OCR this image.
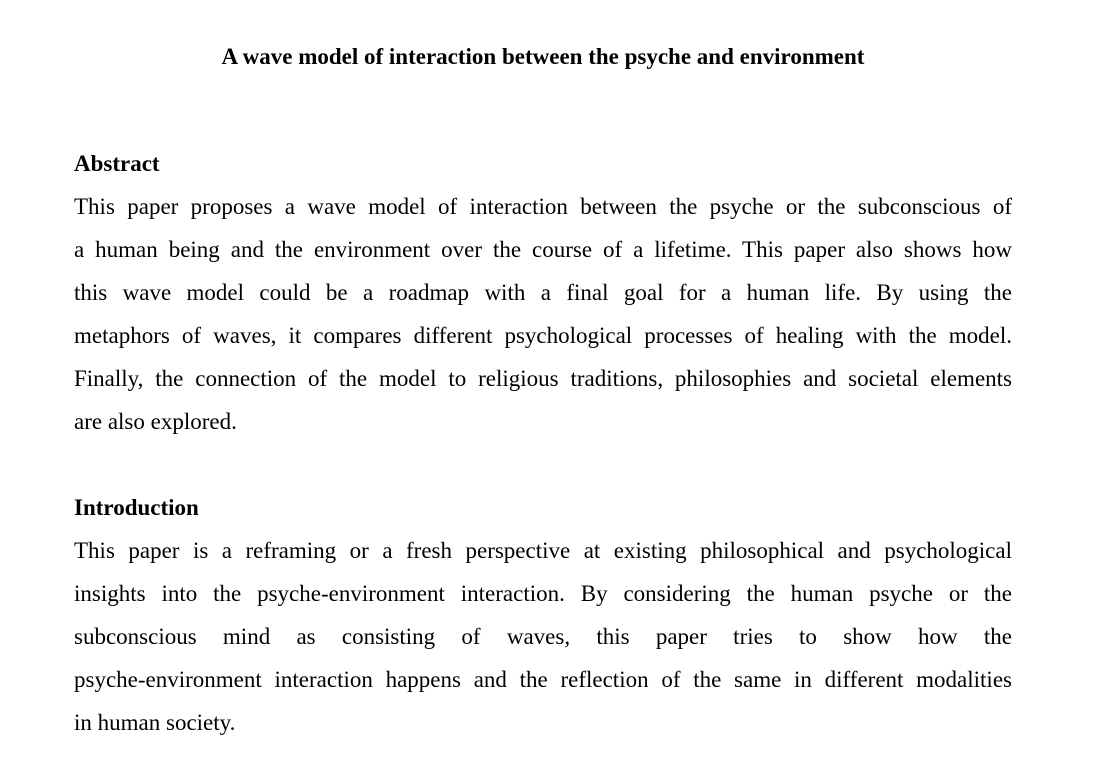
A wave model of interaction between the psyche and environment
Abstract
This paper proposes a wave model of interaction between the psyche or the subconscious of
a human being and the environment over the course of a lifetime. This paper also shows how
this wave model could be a roadmap with a final goal for a human life. By using the
metaphors of waves, it compares different psychological processes of healing with the model.
Finally, the connection of the model to religious traditions, philosophies and societal elements
are also explored.
Introduction
This paper is a reframing or a fresh perspective at existing philosophical and psychological
insights into the psyche-environment interaction. By considering the human psyche or the
subconscious mind as consisting of waves, this paper tries to show how the
psyche-environment interaction happens and the reflection of the same in different modalities
in human society.
